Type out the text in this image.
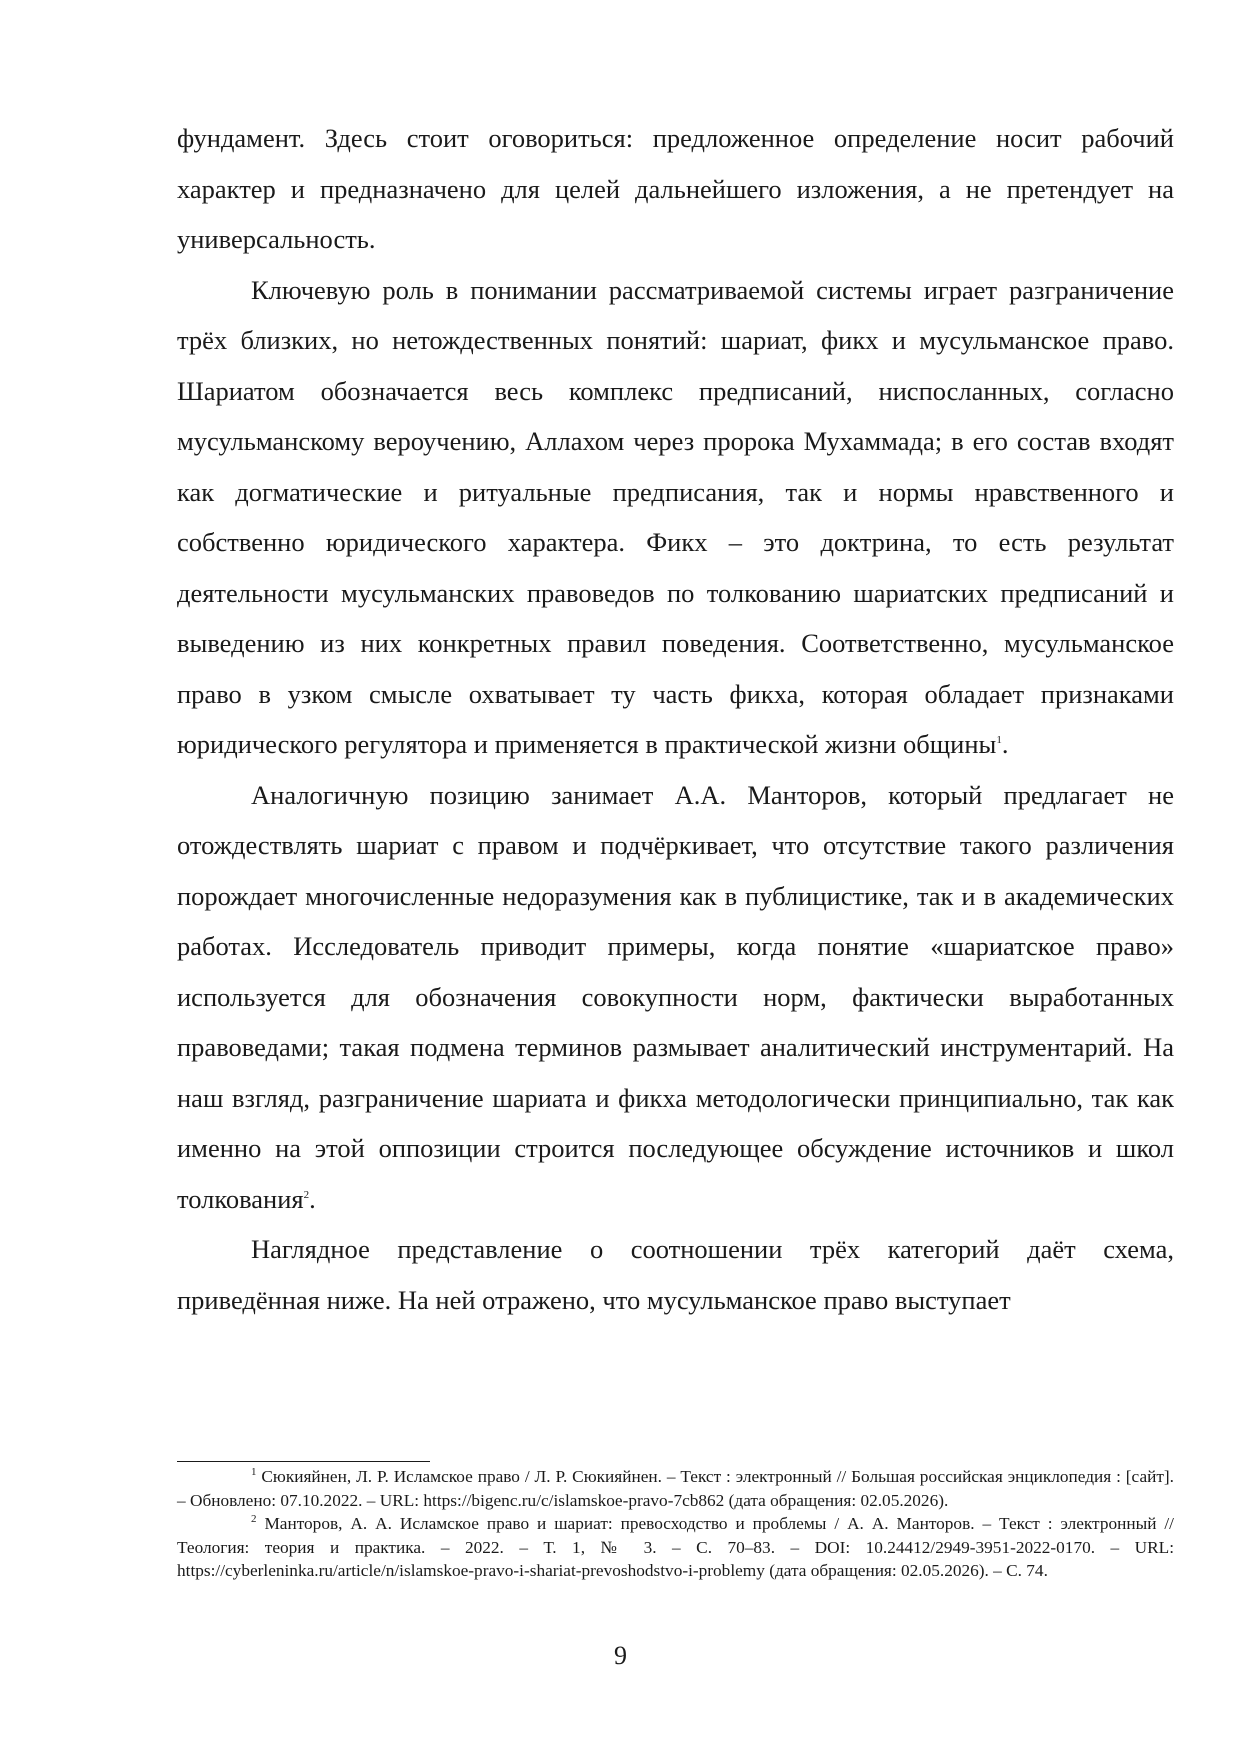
фундамент. Здесь стоит оговориться: предложенное определение носит рабочий характер и предназначено для целей дальнейшего изложения, а не претендует на универсальность.

Ключевую роль в понимании рассматриваемой системы играет разграничение трёх близких, но нетождественных понятий: шариат, фикх и мусульманское право. Шариатом обозначается весь комплекс предписаний, ниспосланных, согласно мусульманскому вероучению, Аллахом через пророка Мухаммада; в его состав входят как догматические и ритуальные предписания, так и нормы нравственного и собственно юридического характера. Фикх – это доктрина, то есть результат деятельности мусульманских правоведов по толкованию шариатских предписаний и выведению из них конкретных правил поведения. Соответственно, мусульманское право в узком смысле охватывает ту часть фикха, которая обладает признаками юридического регулятора и применяется в практической жизни общины$^1$.

Аналогичную позицию занимает А.А. Манторов, который предлагает не отождествлять шариат с правом и подчёркивает, что отсутствие такого различения порождает многочисленные недоразумения как в публицистике, так и в академических работах. Исследователь приводит примеры, когда понятие «шариатское право» используется для обозначения совокупности норм, фактически выработанных правоведами; такая подмена терминов размывает аналитический инструментарий. На наш взгляд, разграничение шариата и фикха методологически принципиально, так как именно на этой оппозиции строится последующее обсуждение источников и школ толкования$^2$.

Наглядное представление о соотношении трёх категорий даёт схема, приведённая ниже. На ней отражено, что мусульманское право выступает

$^1$ Сюкияйнен, Л. Р. Исламское право / Л. Р. Сюкияйнен. – Текст : электронный // Большая российская энциклопедия : [сайт]. – Обновлено: 07.10.2022. – URL: https://bigenc.ru/c/islamskoe-pravo-7cb862 (дата обращения: 02.05.2026).

$^2$ Манторов, А. А. Исламское право и шариат: превосходство и проблемы / А. А. Манторов. – Текст : электронный // Теология: теория и практика. – 2022. – Т. 1, № 3. – С. 70–83. – DOI: 10.24412/2949-3951-2022-0170. – URL: https://cyberleninka.ru/article/n/islamskoe-pravo-i-shariat-prevoshodstvo-i-problemy (дата обращения: 02.05.2026). – С. 74.

9
